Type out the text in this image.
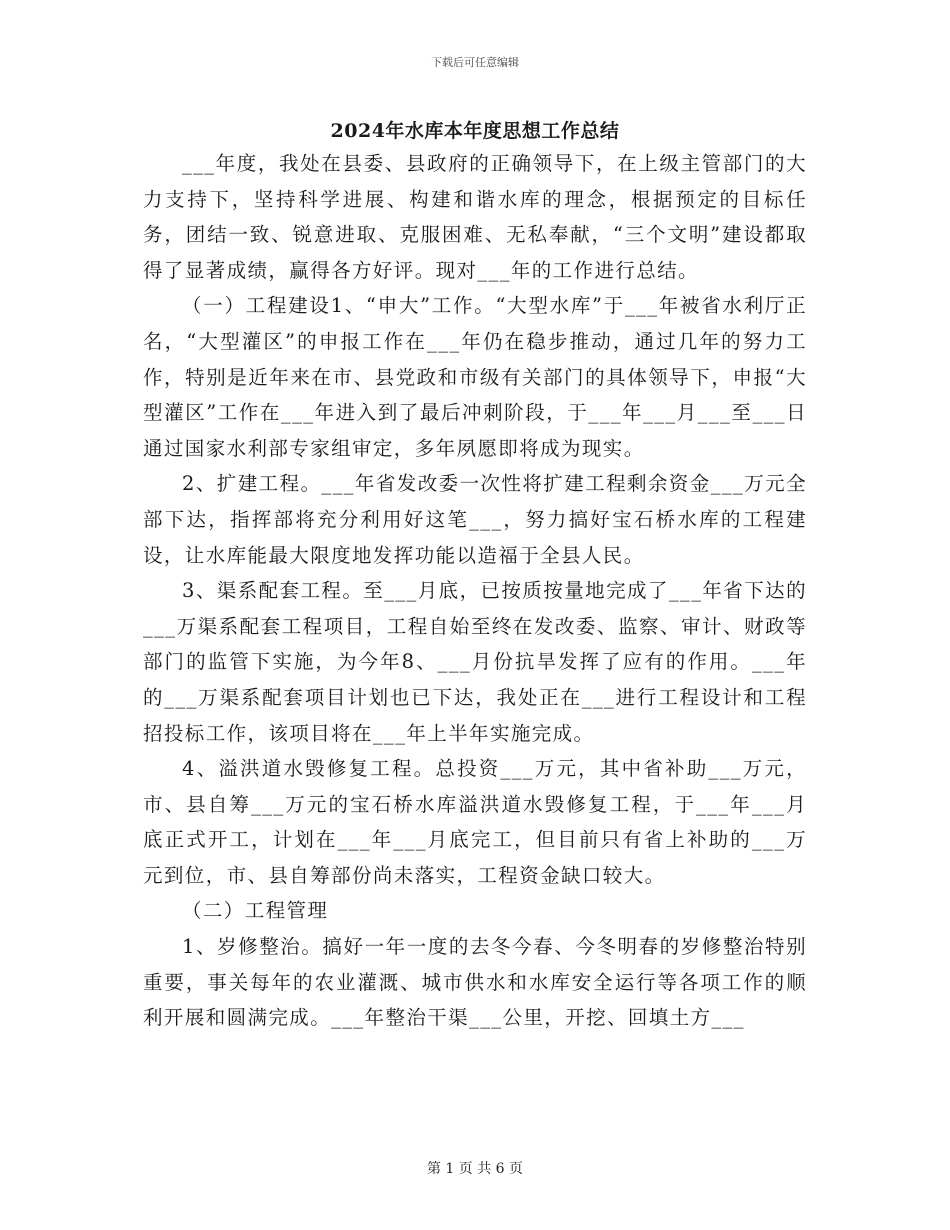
下载后可任意编辑
2024年水库本年度思想工作总结

___年度，我处在县委、县政府的正确领导下，在上级主管部门的大力支持下，坚持科学进展、构建和谐水库的理念，根据预定的目标任务，团结一致、锐意进取、克服困难、无私奉献，“三个文明”建设都取得了显著成绩，赢得各方好评。现对___年的工作进行总结。

（一）工程建设1、“申大”工作。“大型水库”于___年被省水利厅正名，“大型灌区”的申报工作在___年仍在稳步推动，通过几年的努力工作，特别是近年来在市、县党政和市级有关部门的具体领导下，申报“大型灌区”工作在___年进入到了最后冲刺阶段，于___年___月___至___日通过国家水利部专家组审定，多年夙愿即将成为现实。

2、扩建工程。___年省发改委一次性将扩建工程剩余资金___万元全部下达，指挥部将充分利用好这笔___，努力搞好宝石桥水库的工程建设，让水库能最大限度地发挥功能以造福于全县人民。

3、渠系配套工程。至___月底，已按质按量地完成了___年省下达的___万渠系配套工程项目，工程自始至终在发改委、监察、审计、财政等部门的监管下实施，为今年8、___月份抗旱发挥了应有的作用。___年的___万渠系配套项目计划也已下达，我处正在___进行工程设计和工程招投标工作，该项目将在___年上半年实施完成。

4、溢洪道水毁修复工程。总投资___万元，其中省补助___万元，市、县自筹___万元的宝石桥水库溢洪道水毁修复工程，于___年___月底正式开工，计划在___年___月底完工，但目前只有省上补助的___万元到位，市、县自筹部份尚未落实，工程资金缺口较大。

（二）工程管理

1、岁修整治。搞好一年一度的去冬今春、今冬明春的岁修整治特别重要，事关每年的农业灌溉、城市供水和水库安全运行等各项工作的顺利开展和圆满完成。___年整治干渠___公里，开挖、回填土方___

第 1 页 共 6 页
